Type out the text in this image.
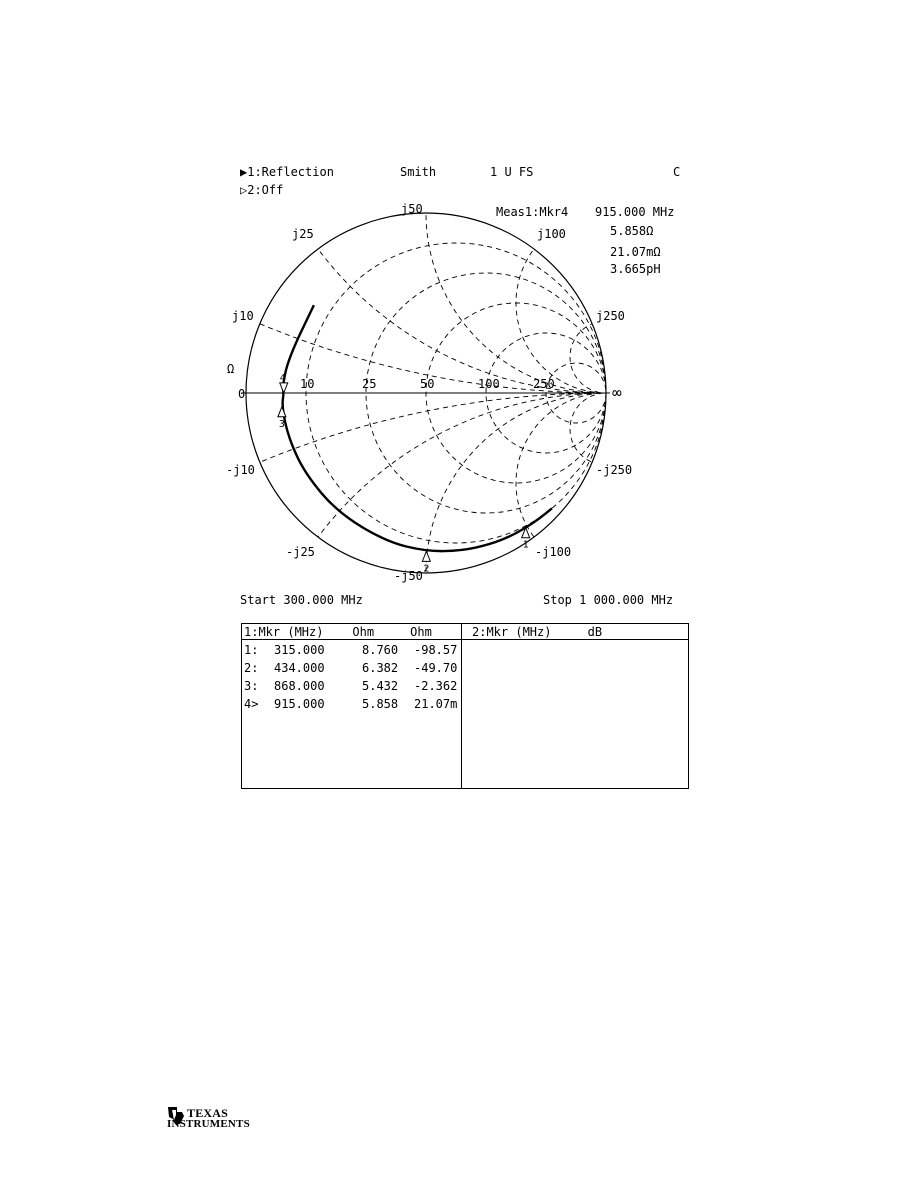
▶1:Reflection	Smith	1 U FS	C
▷2:Off
Meas1:Mkr4 915.000 MHz
5.858Ω
21.07mΩ
3.665pH
1
2
3
4
0
10	25	50	100	250	∞
Ω
j10
j25
j50
j100
j250
-j10
-j25
-j50
-j100
-j250
Start 300.000 MHz	Stop 1 000.000 MHz
1:Mkr (MHz)    Ohm     Ohm	2:Mkr (MHz)     dB
1: 315.000	8.760 -98.57
2: 434.000	6.382 -49.70
3: 868.000	5.432 -2.362
4> 915.000	5.858 21.07m
TEXAS
INSTRUMENTS
